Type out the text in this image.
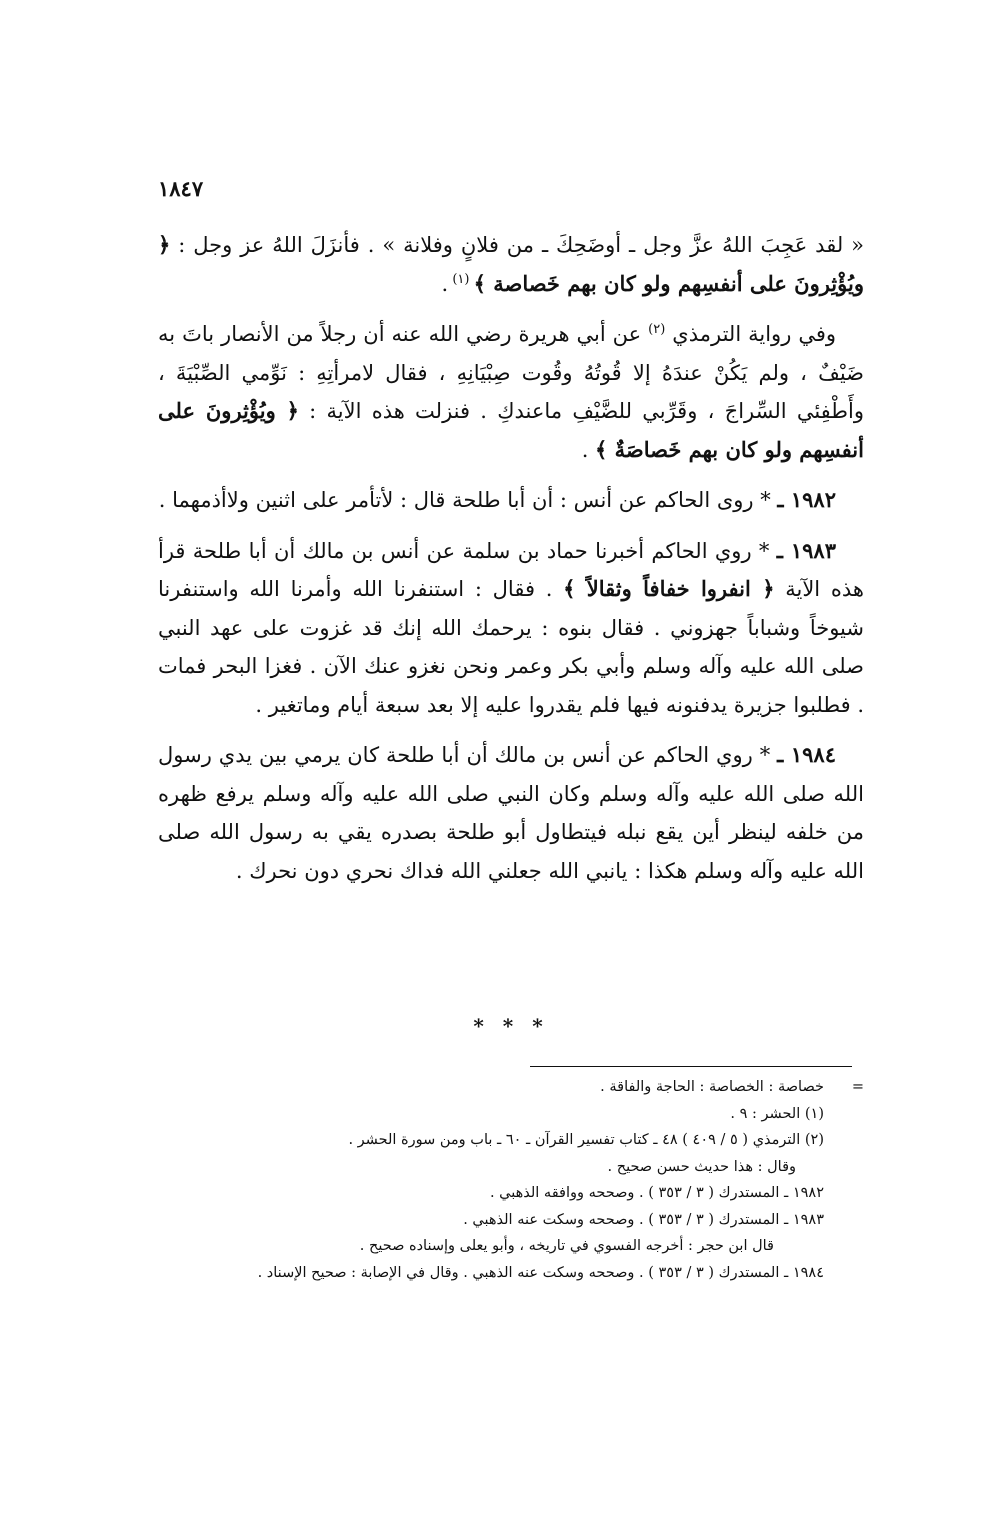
١٨٤٧

« لقد عَجِبَ اللهُ عزَّ وجل ـ أوضَحِكَ ـ من فلانٍ وفلانة » . فأنزَلَ اللهُ عز وجل : ﴿ ويُؤْثِرونَ على أنفسِهم ولو كان بهم خَصاصة ﴾ $^{(١)}$ .

وفي رواية الترمذي $^{(٢)}$ عن أبي هريرة رضي الله عنه أن رجلاً من الأنصار باتَ به ضَيْفٌ ، ولم يَكُنْ عندَهُ إلا قُوتُهُ وقُوت صِبْيَانِهِ ، فقال لامرأتِهِ : نَوِّمي الصِّبْيَةَ ، وأَطْفِئي السِّراجَ ، وقَرِّبي للضَّيْفِ ماعندكِ . فنزلت هذه الآية : ﴿ ويُؤْثِرونَ على أنفسِهم ولو كان بهم خَصاصَةٌ ﴾ .

١٩٨٢ ـ * روى الحاكم عن أنس : أن أبا طلحة قال : لأتأمر على اثنين ولاأذمهما .

١٩٨٣ ـ * روي الحاكم أخبرنا حماد بن سلمة عن أنس بن مالك أن أبا طلحة قرأ هذه الآية ﴿ انفروا خفافاً وثقالاً ﴾ . فقال : استنفرنا الله وأمرنا الله واستنفرنا شيوخاً وشباباً جهزوني . فقال بنوه : يرحمك الله إنك قد غزوت على عهد النبي صلى الله عليه وآله وسلم وأبي بكر وعمر ونحن نغزو عنك الآن . فغزا البحر فمات . فطلبوا جزيرة يدفنونه فيها فلم يقدروا عليه إلا بعد سبعة أيام وماتغير .

١٩٨٤ ـ * روي الحاكم عن أنس بن مالك أن أبا طلحة كان يرمي بين يدي رسول الله صلى الله عليه وآله وسلم وكان النبي صلى الله عليه وآله وسلم يرفع ظهره من خلفه لينظر أين يقع نبله فيتطاول أبو طلحة بصدره يقي به رسول الله صلى الله عليه وآله وسلم هكذا : يانبي الله جعلني الله فداك نحري دون نحرك .

* * *
=خصاصة : الخصاصة : الحاجة والفاقة .
(١) الحشر : ٩ .
(٢) الترمذي ( ٥ / ٤٠٩ ) ٤٨ ـ كتاب تفسير القرآن ـ ٦٠ ـ باب ومن سورة الحشر .
وقال : هذا حديث حسن صحيح .
١٩٨٢ ـ المستدرك ( ٣ / ٣٥٣ ) . وصححه ووافقه الذهبي .
١٩٨٣ ـ المستدرك ( ٣ / ٣٥٣ ) . وصححه وسكت عنه الذهبي .
قال ابن حجر : أخرجه الفسوي في تاريخه ، وأبو يعلى وإسناده صحيح .
١٩٨٤ ـ المستدرك ( ٣ / ٣٥٣ ) . وصححه وسكت عنه الذهبي . وقال في الإصابة : صحيح الإسناد .
